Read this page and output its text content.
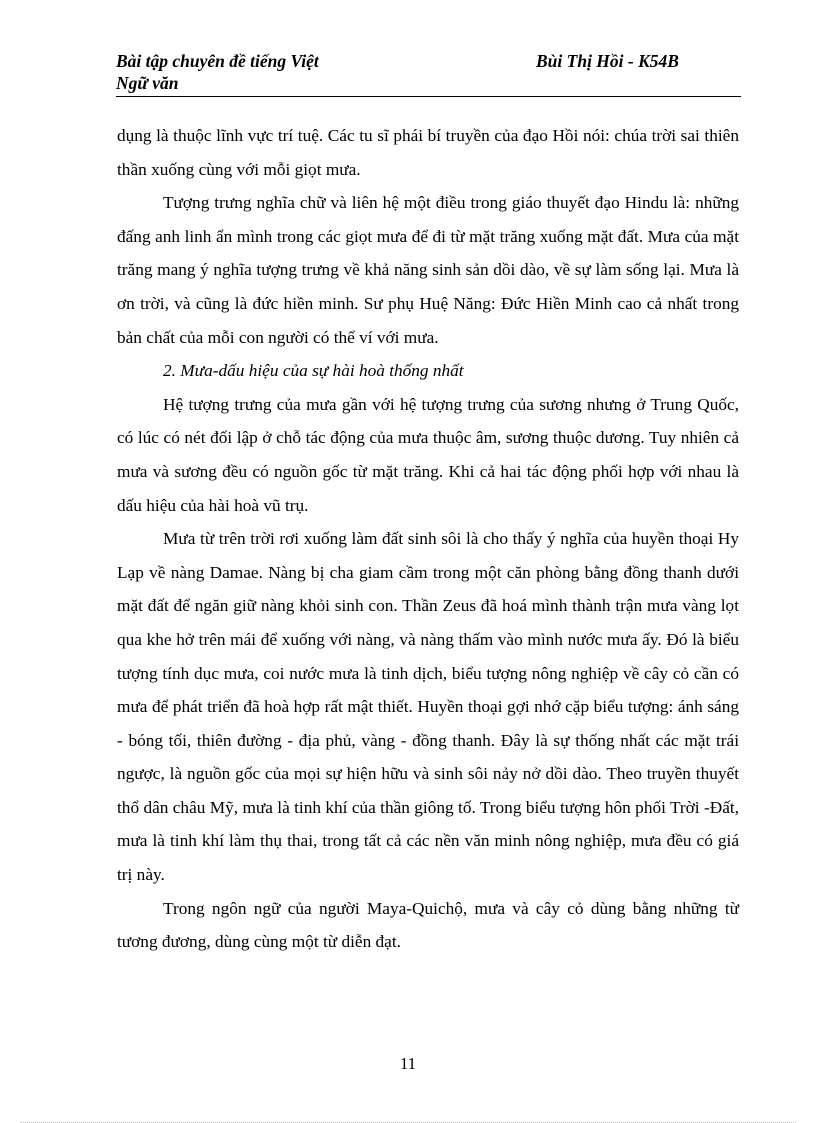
Bài tập chuyên đề tiếng Việt
Ngữ văn
Bùi Thị Hồi - K54B

dụng là thuộc lĩnh vực trí tuệ. Các tu sĩ phái bí truyền của đạo Hồi nói: chúa trời sai thiên thần xuống cùng với mỗi giọt mưa.

Tượng trưng nghĩa chữ và liên hệ một điều trong giáo thuyết đạo Hindu là: những đấng anh linh ẩn mình trong các giọt mưa để đi từ mặt trăng xuống mặt đất. Mưa của mặt trăng mang ý nghĩa tượng trưng về khả năng sinh sản dồi dào, về sự làm sống lại. Mưa là ơn trời, và cũng là đức hiền minh. Sư phụ Huệ Năng: Đức Hiền Minh cao cả nhất trong bản chất của mỗi con người có thể ví với mưa.

2. Mưa-dấu hiệu của sự hài hoà thống nhất

Hệ tượng trưng của mưa gần với hệ tượng trưng của sương nhưng ở Trung Quốc, có lúc có nét đối lập ở chỗ tác động của mưa thuộc âm, sương thuộc dương. Tuy nhiên cả mưa và sương đều có nguồn gốc từ mặt trăng. Khi cả hai tác động phối hợp với nhau là dấu hiệu của hài hoà vũ trụ.

Mưa từ trên trời rơi xuống làm đất sinh sôi là cho thấy ý nghĩa của huyền thoại Hy Lạp về nàng Damae. Nàng bị cha giam cầm trong một căn phòng bằng đồng thanh dưới mặt đất để ngăn giữ nàng khỏi sinh con. Thần Zeus đã hoá mình thành trận mưa vàng lọt qua khe hở trên mái để xuống với nàng, và nàng thấm vào mình nước mưa ấy. Đó là biểu tượng tính dục mưa, coi nước mưa là tinh dịch, biểu tượng nông nghiệp về cây cỏ cần có mưa để phát triển đã hoà hợp rất mật thiết. Huyền thoại gợi nhớ cặp biểu tượng: ánh sáng - bóng tối, thiên đường - địa phủ, vàng - đồng thanh. Đây là sự thống nhất các mặt trái ngược, là nguồn gốc của mọi sự hiện hữu và sinh sôi nảy nở dồi dào. Theo truyền thuyết thổ dân châu Mỹ, mưa là tinh khí của thần giông tố. Trong biểu tượng hôn phối Trời -Đất, mưa là tinh khí làm thụ thai, trong tất cả các nền văn minh nông nghiệp, mưa đều có giá trị này.

Trong ngôn ngữ của người Maya-Quichộ, mưa và cây cỏ dùng bằng những từ tương đương, dùng cùng một từ diễn đạt.

11
